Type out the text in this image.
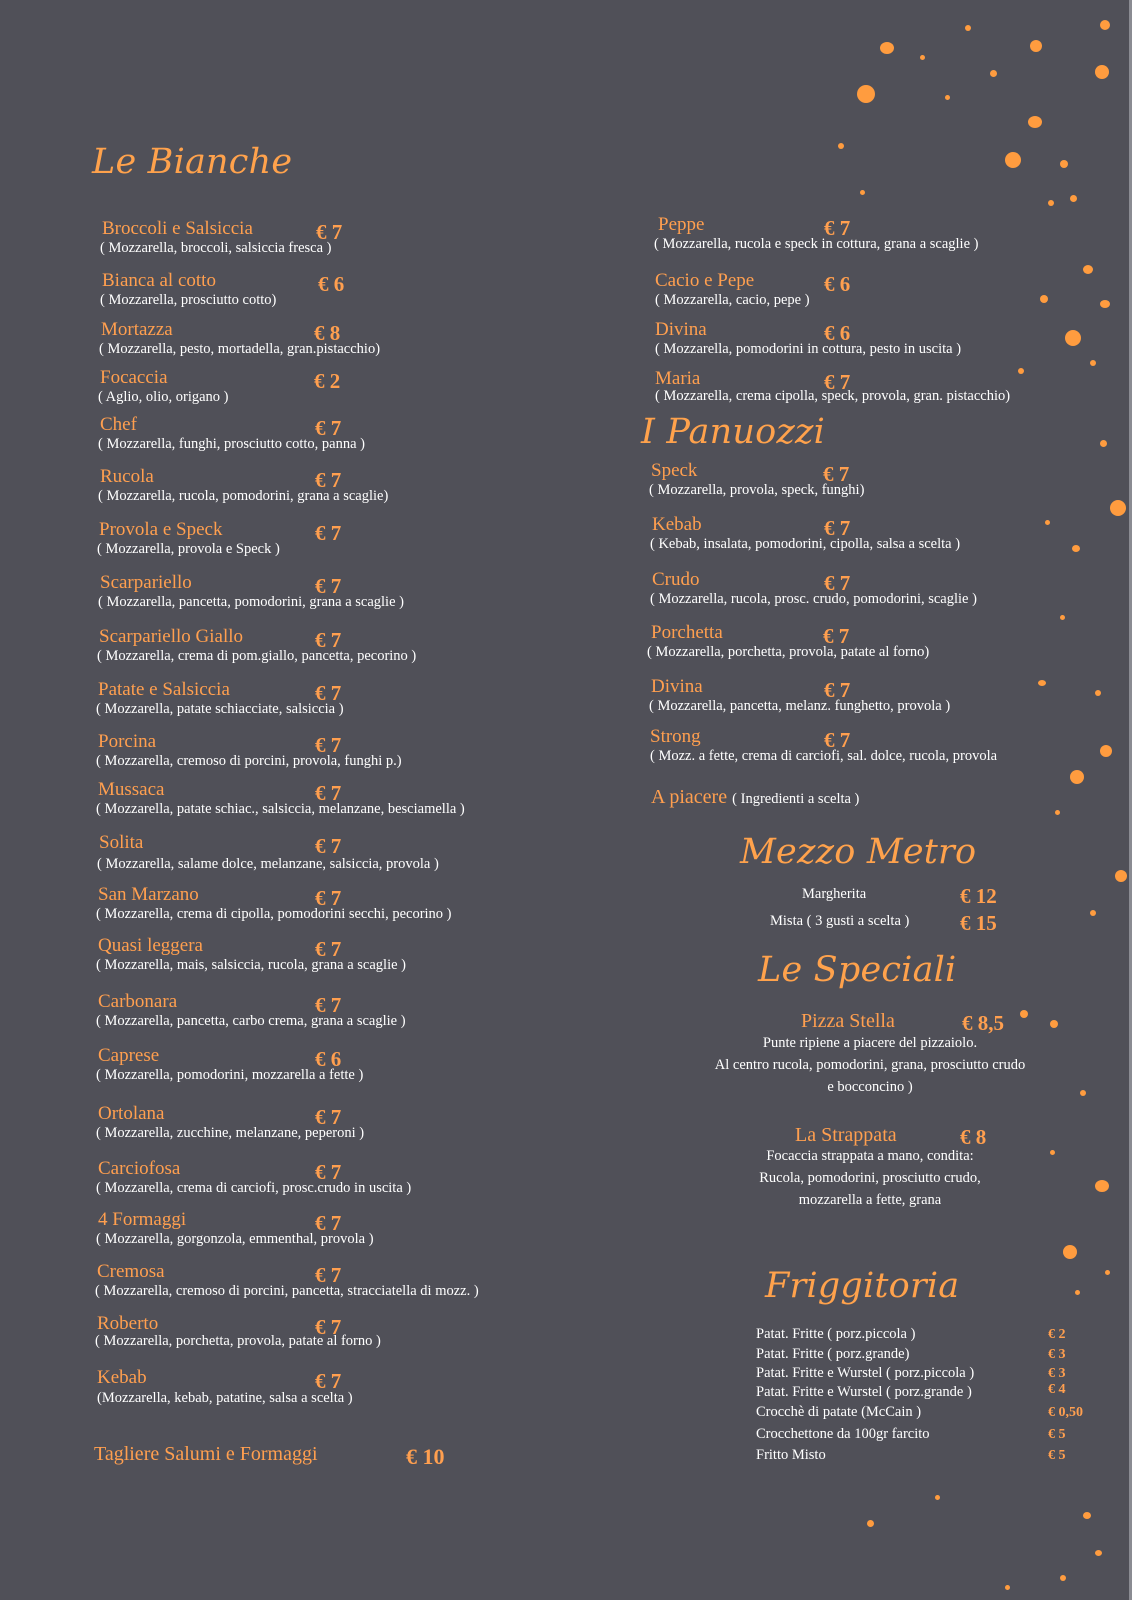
Le Bianche
Broccoli e Salsiccia	€ 7
( Mozzarella, broccoli, salsiccia fresca )
Bianca al cotto	€ 6
( Mozzarella, prosciutto cotto)
Mortazza	€ 8
( Mozzarella, pesto, mortadella, gran.pistacchio)
Focaccia	€ 2
( Aglio, olio, origano )
Chef	€ 7
( Mozzarella, funghi, prosciutto cotto, panna )
Rucola	€ 7
( Mozzarella, rucola, pomodorini, grana a scaglie)
Provola e Speck	€ 7
( Mozzarella, provola e Speck )
Scarpariello	€ 7
( Mozzarella, pancetta, pomodorini, grana a scaglie )
Scarpariello Giallo	€ 7
( Mozzarella, crema di pom.giallo, pancetta, pecorino )
Patate e Salsiccia	€ 7
( Mozzarella, patate schiacciate, salsiccia )
Porcina	€ 7
( Mozzarella, cremoso di porcini, provola, funghi p.)
Mussaca	€ 7
( Mozzarella, patate schiac., salsiccia, melanzane, besciamella )
Solita	€ 7
( Mozzarella, salame dolce, melanzane, salsiccia, provola )
San Marzano	€ 7
( Mozzarella, crema di cipolla, pomodorini secchi, pecorino )
Quasi leggera	€ 7
( Mozzarella, mais, salsiccia, rucola, grana a scaglie )
Carbonara	€ 7
( Mozzarella, pancetta, carbo crema, grana a scaglie )
Caprese	€ 6
( Mozzarella, pomodorini, mozzarella a fette )
Ortolana	€ 7
( Mozzarella, zucchine, melanzane, peperoni )
Carciofosa	€ 7
( Mozzarella, crema di carciofi, prosc.crudo in uscita )
4 Formaggi	€ 7
( Mozzarella, gorgonzola, emmenthal, provola )
Cremosa	€ 7
( Mozzarella, cremoso di porcini, pancetta, stracciatella di mozz. )
Roberto	€ 7
( Mozzarella, porchetta, provola, patate al forno )
Kebab	€ 7
(Mozzarella, kebab, patatine, salsa a scelta )
Tagliere Salumi e Formaggi	€ 10
Peppe	€ 7
( Mozzarella, rucola e speck in cottura, grana a scaglie )
Cacio e Pepe	€ 6
( Mozzarella, cacio, pepe )
Divina	€ 6
( Mozzarella, pomodorini in cottura, pesto in uscita )
Maria	€ 7
( Mozzarella, crema cipolla, speck, provola, gran. pistacchio)
I Panuozzi
Speck	€ 7
( Mozzarella, provola, speck, funghi)
Kebab	€ 7
( Kebab, insalata, pomodorini, cipolla, salsa a scelta )
Crudo	€ 7
( Mozzarella, rucola, prosc. crudo, pomodorini, scaglie )
Porchetta	€ 7
( Mozzarella, porchetta, provola, patate al forno)
Divina	€ 7
( Mozzarella, pancetta, melanz. funghetto, provola )
Strong	€ 7
( Mozz. a fette, crema di carciofi, sal. dolce, rucola, provola
A piacere ( Ingredienti a scelta )
Mezzo Metro
Margherita	€ 12
Mista ( 3 gusti a scelta ) € 15
Le Speciali
Pizza Stella	€ 8,5
Punte ripiene a piacere del pizzaiolo.
Al centro rucola, pomodorini, grana, prosciutto crudo
e bocconcino )
La Strappata	€ 8
Focaccia strappata a mano, condita:
Rucola, pomodorini, prosciutto crudo,
mozzarella a fette, grana
Friggitoria
Patat. Fritte ( porz.piccola )	€ 2
Patat. Fritte ( porz.grande)	€ 3
Patat. Fritte e Wurstel ( porz.piccola )	€ 3
Patat. Fritte e Wurstel ( porz.grande )	€ 4
Crocchè di patate (McCain )	€ 0,50
Crocchettone da 100gr farcito	€ 5
Fritto Misto	€ 5
